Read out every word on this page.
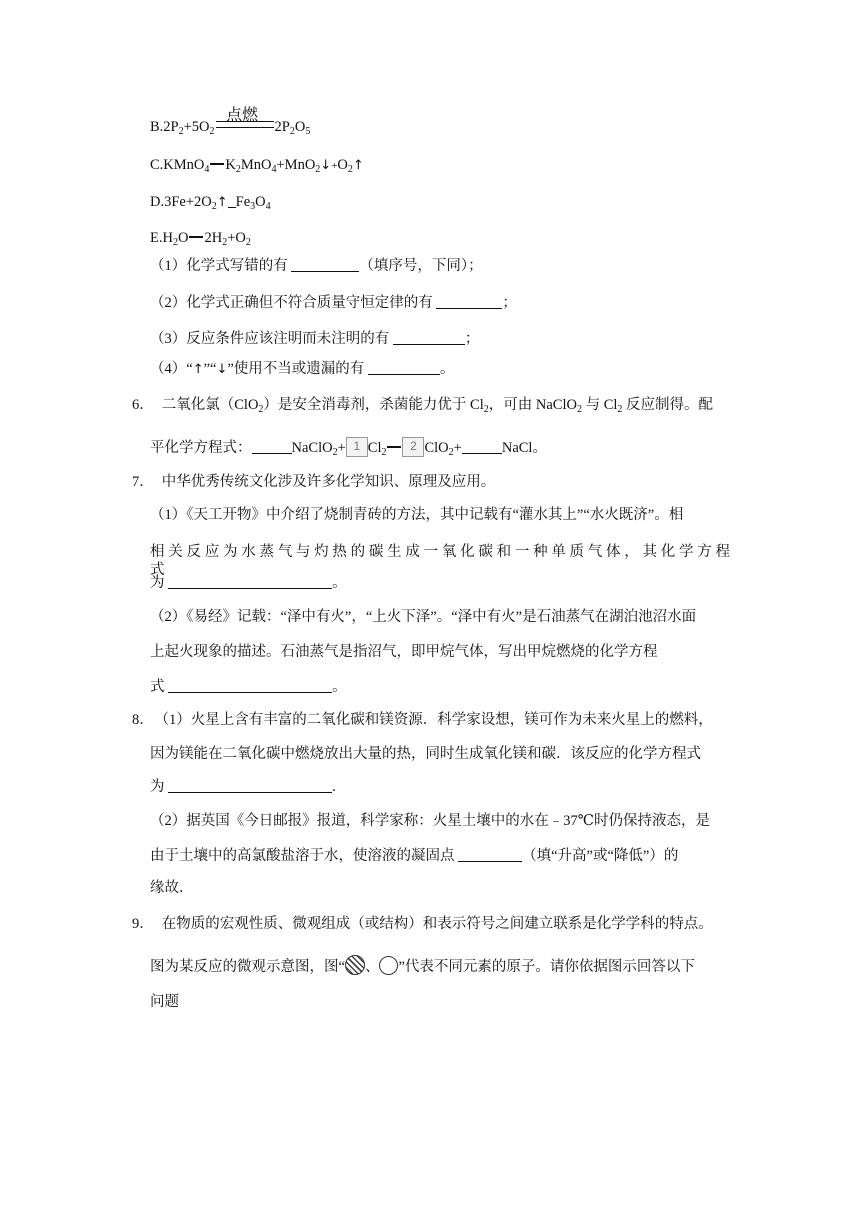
点燃
$B.2P_2+5O_2$	$2P_2O_5$
C.KMnO$_4$ $K_2MnO_4+MnO_2↓+O_2↑$
$D.3Fe+2O_2↑$ $Fe_3O_4$
$E.H_2O$ $2H_2+O_2$
（1）化学式写错的有	（填序号，下同）；
（2）化学式正确但不符合质量守恒定律的有	；
（3）反应条件应该注明而未注明的有	；
（4）“↑”“↓”使用不当或遗漏的有	。
6． 二氧化氯（ClO$_2$）是安全消毒剂，杀菌能力优于 $Cl_2$，可由 NaClO$_2$ 与 $Cl_2$ 反应制得。配
平化学方程式：	NaClO$_2$+ 1 $Cl_2$ 2 ClO$_2$+	NaCl。
7． 中华优秀传统文化涉及许多化学知识、原理及应用。
（1）《天工开物》中介绍了烧制青砖的方法，其中记载有“灌水其上”“水火既济”。相
相 关 反 应 为 水 蒸 气 与 灼 热 的 碳 生 成 一 氧 化 碳 和 一 种 单 质 气 体 ， 其 化 学 方 程 式
为	。
（2）《易经》记载：“泽中有火”，“上火下泽”。“泽中有火”是石油蒸气在湖泊池沼水面
上起火现象的描述。石油蒸气是指沼气，即甲烷气体，写出甲烷燃烧的化学方程
式	。
8． （1）火星上含有丰富的二氧化碳和镁资源．科学家设想，镁可作为未来火星上的燃料，
因为镁能在二氧化碳中燃烧放出大量的热，同时生成氧化镁和碳．该反应的化学方程式
为	.
（2）据英国《今日邮报》报道，科学家称：火星土壤中的水在﹣37℃时仍保持液态，是
由于土壤中的高氯酸盐溶于水，使溶液的凝固点	（填“升高”或“降低”）的
缘故．
9． 在物质的宏观性质、微观组成（或结构）和表示符号之间建立联系是化学学科的特点。
图为某反应的微观示意图，图“ 、 ”代表不同元素的原子。请你依据图示回答以下
问题
